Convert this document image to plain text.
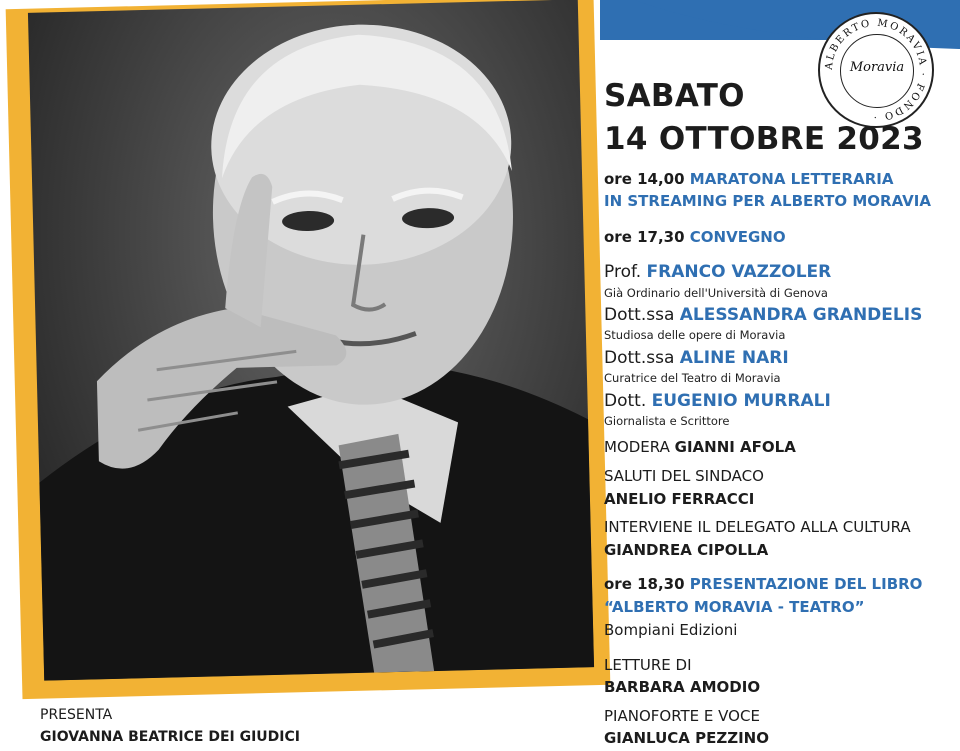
ALBERTO MORAVIA · FONDO ·
Moravia
SABATO
14 OTTOBRE 2023
ore 14,00 MARATONA LETTERARIA
IN STREAMING PER ALBERTO MORAVIA
ore 17,30 CONVEGNO
Prof. FRANCO VAZZOLER
Già Ordinario dell'Università di Genova
Dott.ssa ALESSANDRA GRANDELIS
Studiosa delle opere di Moravia
Dott.ssa ALINE NARI
Curatrice del Teatro di Moravia
Dott. EUGENIO MURRALI
Giornalista e Scrittore
MODERA GIANNI AFOLA
SALUTI DEL SINDACO
ANELIO FERRACCI
INTERVIENE IL DELEGATO ALLA CULTURA
GIANDREA CIPOLLA
ore 18,30 PRESENTAZIONE DEL LIBRO
“ALBERTO MORAVIA - TEATRO”
Bompiani Edizioni
LETTURE DI
BARBARA AMODIO
PIANOFORTE E VOCE
GIANLUCA PEZZINO
PRESENTA
GIOVANNA BEATRICE DEI GIUDICI
